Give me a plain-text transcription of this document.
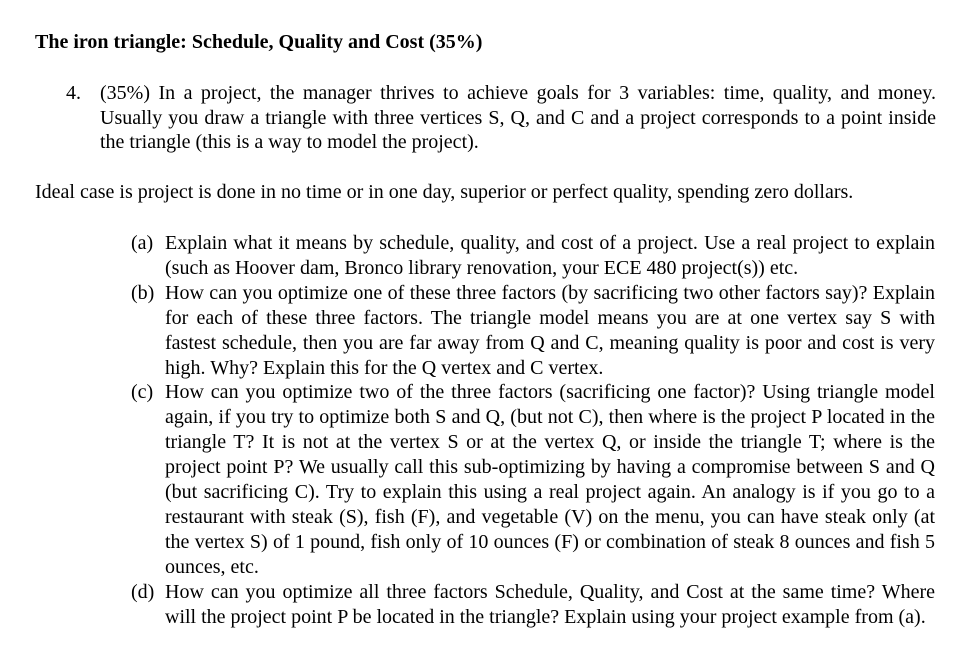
The iron triangle: Schedule, Quality and Cost (35%)
4. (35%) In a project, the manager thrives to achieve goals for 3 variables: time, quality, and money. Usually you draw a triangle with three vertices S, Q, and C and a project corresponds to a point inside the triangle (this is a way to model the project).
Ideal case is project is done in no time or in one day, superior or perfect quality, spending zero dollars.
(a) Explain what it means by schedule, quality, and cost of a project. Use a real project to explain (such as Hoover dam, Bronco library renovation, your ECE 480 project(s)) etc.
(b) How can you optimize one of these three factors (by sacrificing two other factors say)? Explain for each of these three factors. The triangle model means you are at one vertex say S with fastest schedule, then you are far away from Q and C, meaning quality is poor and cost is very high. Why? Explain this for the Q vertex and C vertex.
(c) How can you optimize two of the three factors (sacrificing one factor)? Using triangle model again, if you try to optimize both S and Q, (but not C), then where is the project P located in the triangle T? It is not at the vertex S or at the vertex Q, or inside the triangle T; where is the project point P? We usually call this sub-optimizing by having a compromise between S and Q (but sacrificing C). Try to explain this using a real project again. An analogy is if you go to a restaurant with steak (S), fish (F), and vegetable (V) on the menu, you can have steak only (at the vertex S) of 1 pound, fish only of 10 ounces (F) or combination of steak 8 ounces and fish 5 ounces, etc.
(d) How can you optimize all three factors Schedule, Quality, and Cost at the same time? Where will the project point P be located in the triangle? Explain using your project example from (a).
